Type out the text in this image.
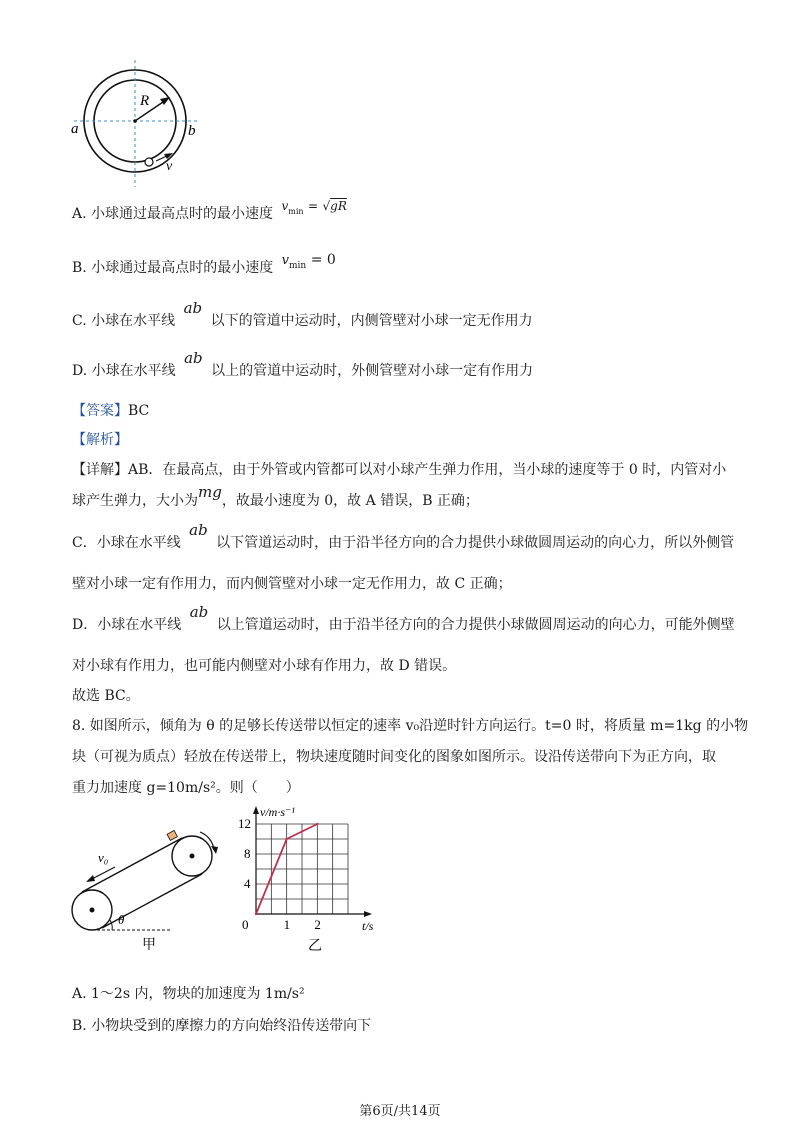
R
a	b
v
A. 小球通过最高点时的最小速度 $v^{min} = √gR$
B. 小球通过最高点时的最小速度 $v^{min} = 0$
C. 小球在水平线 ab 以下的管道中运动时，内侧管壁对小球一定无作用力
D. 小球在水平线 ab 以上的管道中运动时，外侧管壁对小球一定有作用力
【答案】BC
【解析】
【详解】AB．在最高点，由于外管或内管都可以对小球产生弹力作用，当小球的速度等于 0 时，内管对小
球产生弹力，大小为mg，故最小速度为 0，故 A 错误，B 正确；
C．小球在水平线 ab 以下管道运动时，由于沿半径方向的合力提供小球做圆周运动的向心力，所以外侧管
壁对小球一定有作用力，而内侧管壁对小球一定无作用力，故 C 正确；
D．小球在水平线 ab 以上管道运动时，由于沿半径方向的合力提供小球做圆周运动的向心力，可能外侧壁
对小球有作用力，也可能内侧壁对小球有作用力，故 D 错误。
故选 BC。
8. 如图所示，倾角为 θ 的足够长传送带以恒定的速率 v₀沿逆时针方向运行。t=0 时，将质量 m=1kg 的小物
块（可视为质点）轻放在传送带上，物块速度随时间变化的图象如图所示。设沿传送带向下为正方向，取
重力加速度 g=10m/s²。则（　　）
v₀
θ
甲
0	1 2
4
8
12
v/m·s⁻¹
t/s
乙
A. 1～2s 内，物块的加速度为 1m/s²
B. 小物块受到的摩擦力的方向始终沿传送带向下
第6页/共14页
